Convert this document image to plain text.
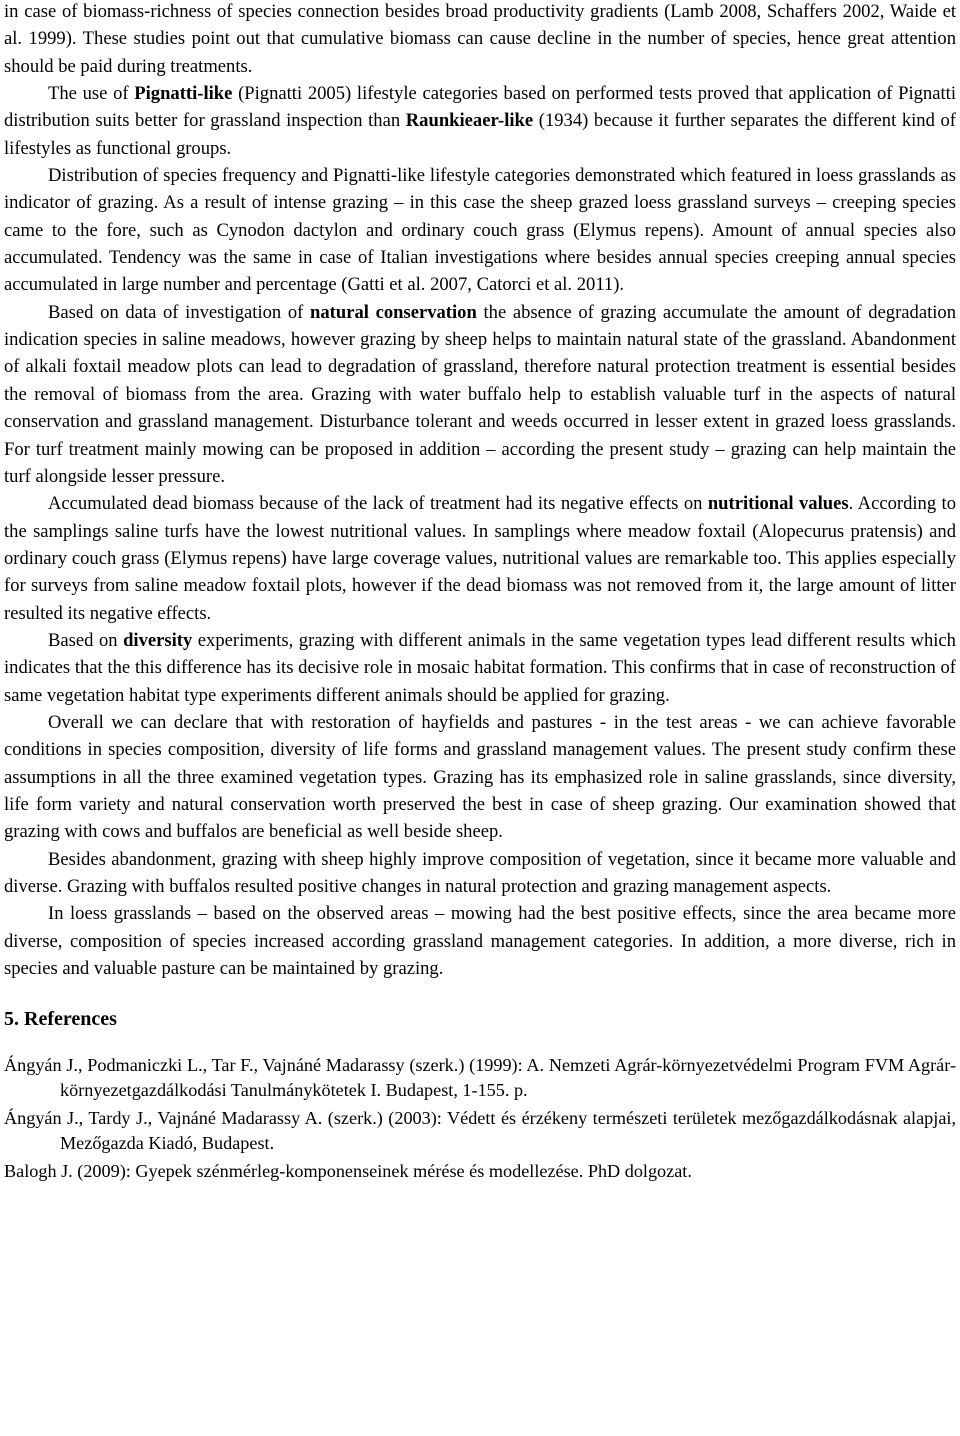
in case of biomass-richness of species connection besides broad productivity gradients (Lamb 2008, Schaffers 2002, Waide et al. 1999). These studies point out that cumulative biomass can cause decline in the number of species, hence great attention should be paid during treatments.

The use of Pignatti-like (Pignatti 2005) lifestyle categories based on performed tests proved that application of Pignatti distribution suits better for grassland inspection than Raunkieaer-like (1934) because it further separates the different kind of lifestyles as functional groups.

Distribution of species frequency and Pignatti-like lifestyle categories demonstrated which featured in loess grasslands as indicator of grazing. As a result of intense grazing – in this case the sheep grazed loess grassland surveys – creeping species came to the fore, such as Cynodon dactylon and ordinary couch grass (Elymus repens). Amount of annual species also accumulated. Tendency was the same in case of Italian investigations where besides annual species creeping annual species accumulated in large number and percentage (Gatti et al. 2007, Catorci et al. 2011).

Based on data of investigation of natural conservation the absence of grazing accumulate the amount of degradation indication species in saline meadows, however grazing by sheep helps to maintain natural state of the grassland. Abandonment of alkali foxtail meadow plots can lead to degradation of grassland, therefore natural protection treatment is essential besides the removal of biomass from the area. Grazing with water buffalo help to establish valuable turf in the aspects of natural conservation and grassland management. Disturbance tolerant and weeds occurred in lesser extent in grazed loess grasslands. For turf treatment mainly mowing can be proposed in addition – according the present study – grazing can help maintain the turf alongside lesser pressure.

Accumulated dead biomass because of the lack of treatment had its negative effects on nutritional values. According to the samplings saline turfs have the lowest nutritional values. In samplings where meadow foxtail (Alopecurus pratensis) and ordinary couch grass (Elymus repens) have large coverage values, nutritional values are remarkable too. This applies especially for surveys from saline meadow foxtail plots, however if the dead biomass was not removed from it, the large amount of litter resulted its negative effects.

Based on diversity experiments, grazing with different animals in the same vegetation types lead different results which indicates that the this difference has its decisive role in mosaic habitat formation. This confirms that in case of reconstruction of same vegetation habitat type experiments different animals should be applied for grazing.

Overall we can declare that with restoration of hayfields and pastures - in the test areas - we can achieve favorable conditions in species composition, diversity of life forms and grassland management values. The present study confirm these assumptions in all the three examined vegetation types. Grazing has its emphasized role in saline grasslands, since diversity, life form variety and natural conservation worth preserved the best in case of sheep grazing. Our examination showed that grazing with cows and buffalos are beneficial as well beside sheep.

Besides abandonment, grazing with sheep highly improve composition of vegetation, since it became more valuable and diverse. Grazing with buffalos resulted positive changes in natural protection and grazing management aspects.

In loess grasslands – based on the observed areas – mowing had the best positive effects, since the area became more diverse, composition of species increased according grassland management categories. In addition, a more diverse, rich in species and valuable pasture can be maintained by grazing.

5. References

Ángyán J., Podmaniczki L., Tar F., Vajnáné Madarassy (szerk.) (1999): A. Nemzeti Agrár-környezetvédelmi Program FVM Agrár-környezetgazdálkodási Tanulmánykötetek I. Budapest, 1-155. p.

Ángyán J., Tardy J., Vajnáné Madarassy A. (szerk.) (2003): Védett és érzékeny természeti területek mezőgazdálkodásnak alapjai, Mezőgazda Kiadó, Budapest.

Balogh J. (2009): Gyepek szénmérleg-komponenseinek mérése és modellezése. PhD dolgozat.
